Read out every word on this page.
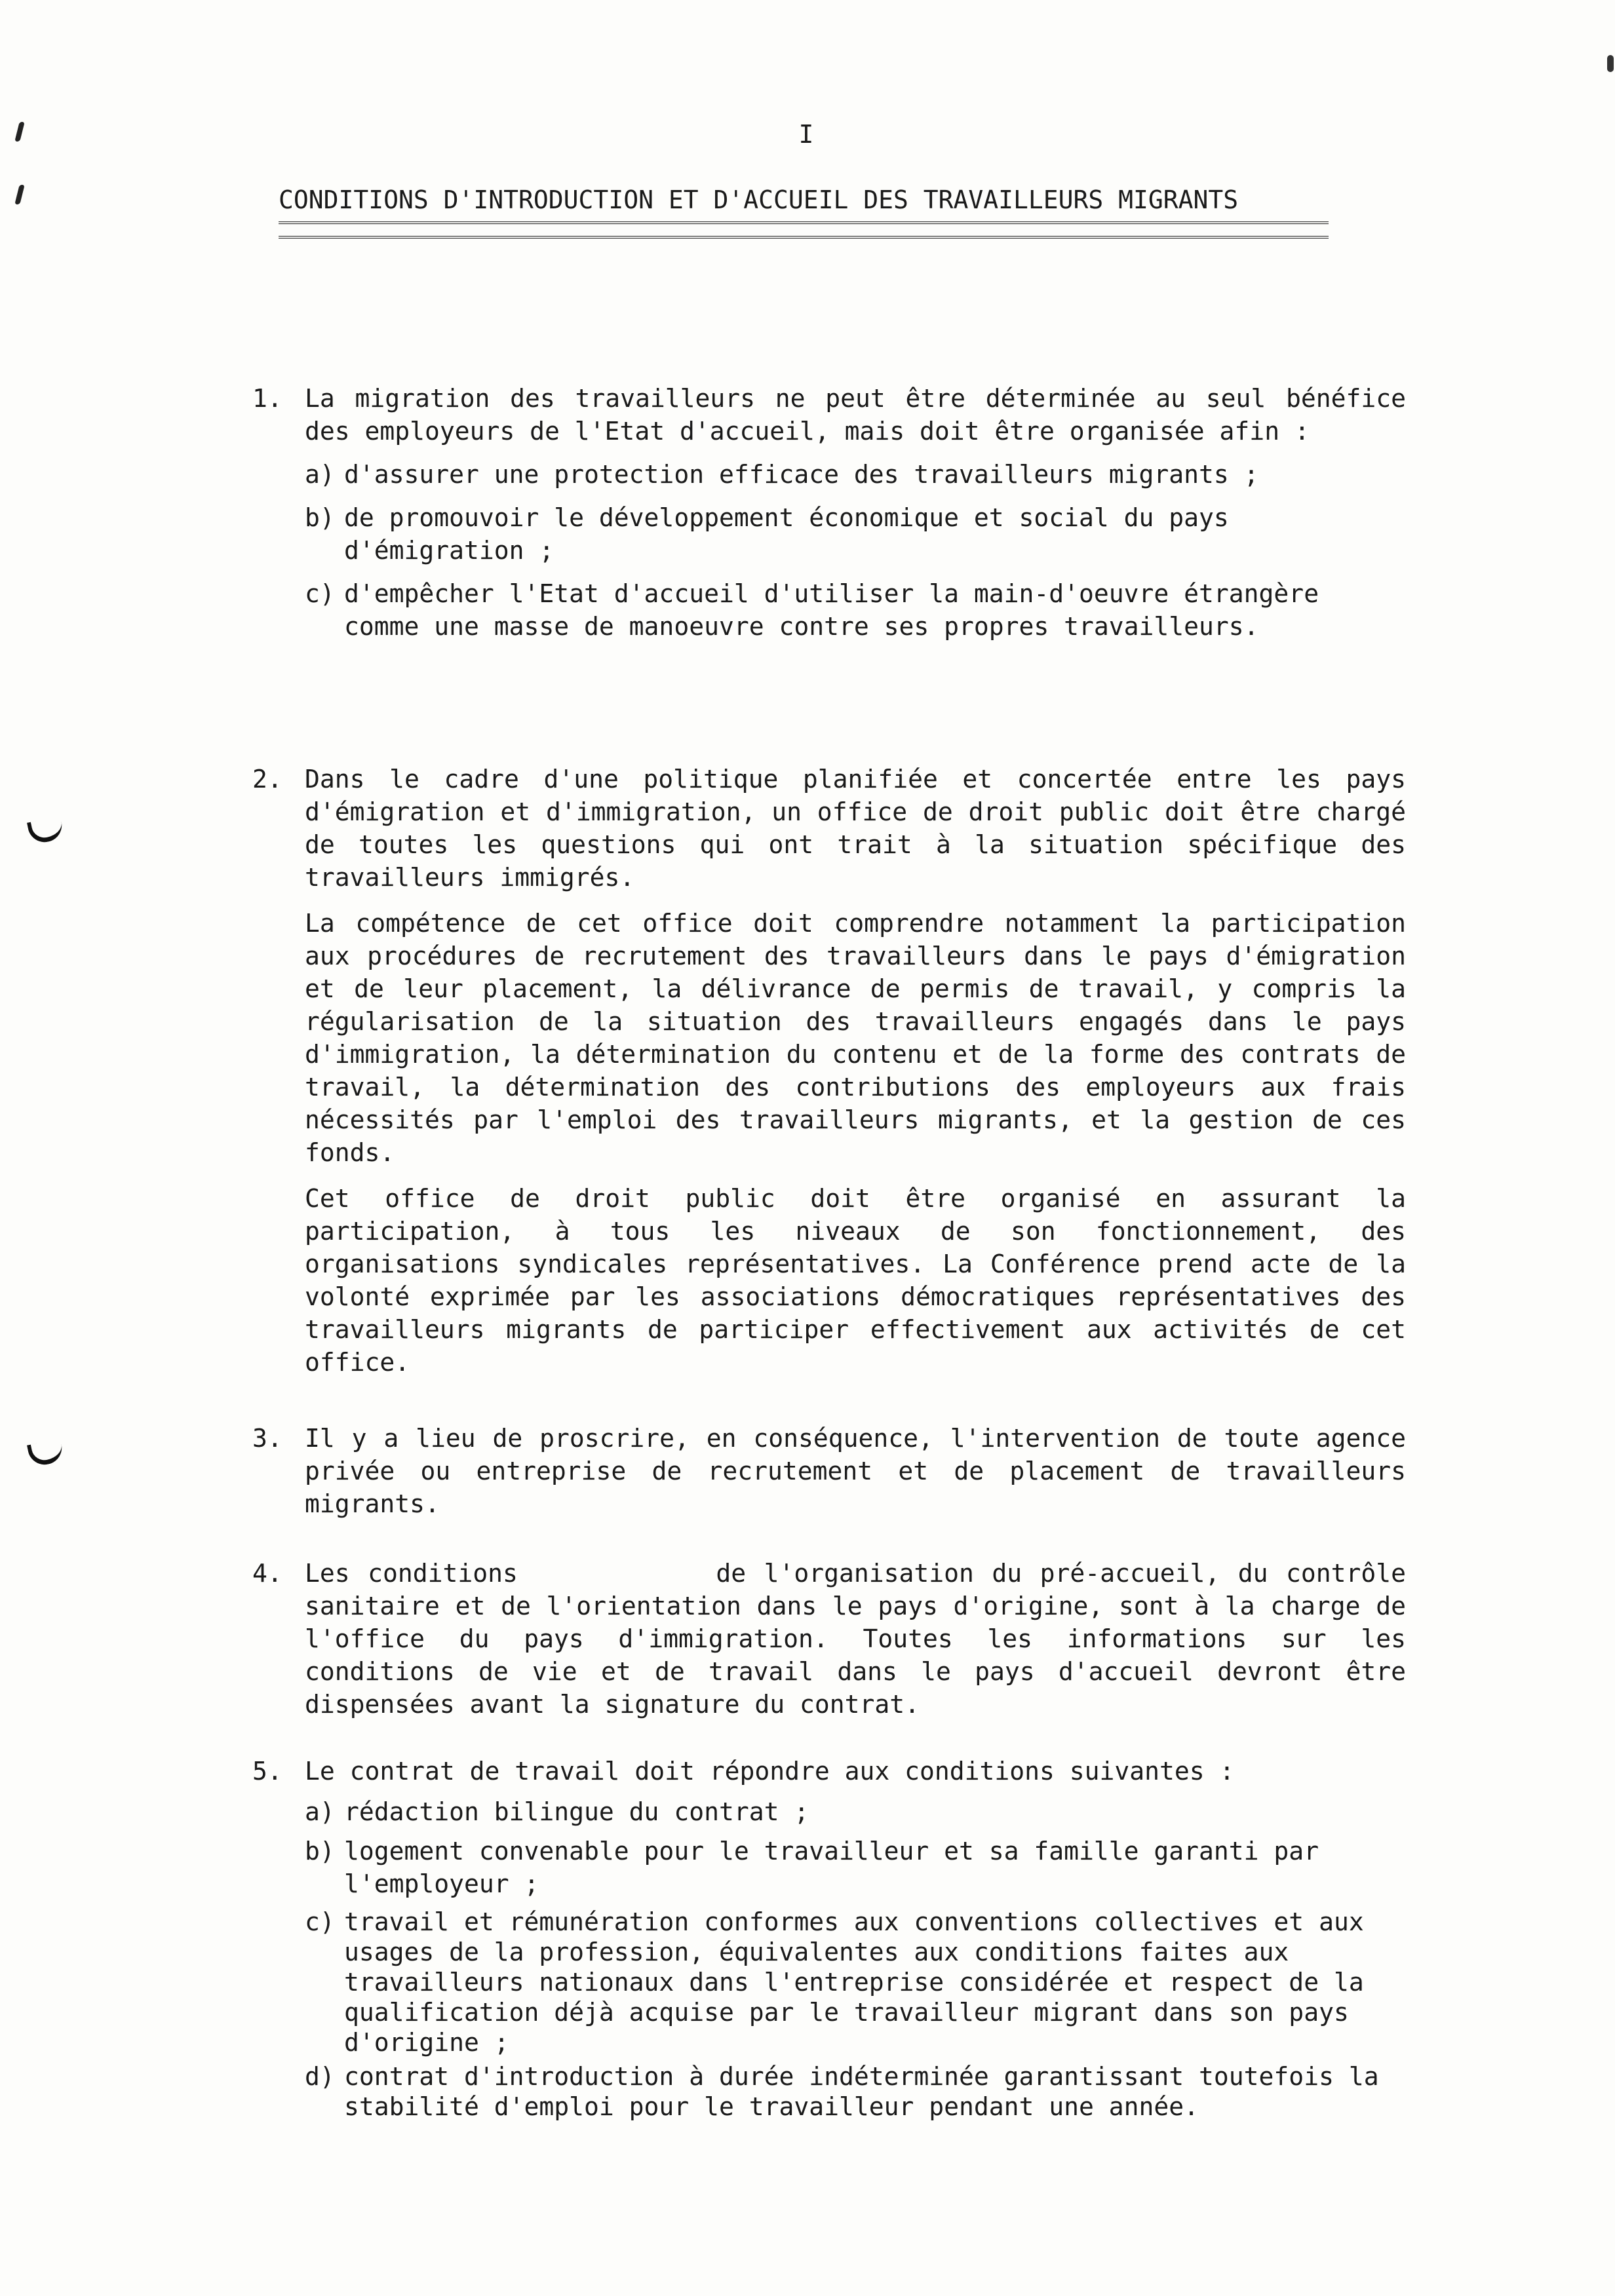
I
CONDITIONS D'INTRODUCTION ET D'ACCUEIL DES TRAVAILLEURS MIGRANTS
1. La migration des travailleurs ne peut être déterminée au seul bénéfice des employeurs de l'Etat d'accueil, mais doit être organisée afin :
a) d'assurer une protection efficace des travailleurs migrants ;
b) de promouvoir le développement économique et social du pays d'émigration ;
c) d'empêcher l'Etat d'accueil d'utiliser la main-d'oeuvre étrangère comme une masse de manoeuvre contre ses propres travailleurs.
2. Dans le cadre d'une politique planifiée et concertée entre les pays d'émigration et d'immigration, un office de droit public doit être chargé de toutes les questions qui ont trait à la situation spécifique des travailleurs immigrés.
La compétence de cet office doit comprendre notamment la participation aux procédures de recrutement des travailleurs dans le pays d'émigration et de leur placement, la délivrance de permis de travail, y compris la régularisation de la situation des travailleurs engagés dans le pays d'immigration, la détermination du contenu et de la forme des contrats de travail, la détermination des contributions des employeurs aux frais nécessités par l'emploi des travailleurs migrants, et la gestion de ces fonds.
Cet office de droit public doit être organisé en assurant la participation, à tous les niveaux de son fonctionnement, des organisations syndicales représentatives. La Conférence prend acte de la volonté exprimée par les associations démocratiques représentatives des travailleurs migrants de participer effectivement aux activités de cet office.
3. Il y a lieu de proscrire, en conséquence, l'intervention de toute agence privée ou entreprise de recrutement et de placement de travailleurs migrants.
4. Les conditions           de l'organisation du pré-accueil, du contrôle sanitaire et de l'orientation dans le pays d'origine, sont à la charge de l'office du pays d'immigration. Toutes les informations sur les conditions de vie et de travail dans le pays d'accueil devront être dispensées avant la signature du contrat.
5. Le contrat de travail doit répondre aux conditions suivantes :
a) rédaction bilingue du contrat ;
b) logement convenable pour le travailleur et sa famille garanti par l'employeur ;
c) travail et rémunération conformes aux conventions collectives et aux usages de la profession, équivalentes aux conditions faites aux travailleurs nationaux dans l'entreprise considérée et respect de la qualification déjà acquise par le travailleur migrant dans son pays d'origine ;
d) contrat d'introduction à durée indéterminée garantissant toutefois la stabilité d'emploi pour le travailleur pendant une année.
